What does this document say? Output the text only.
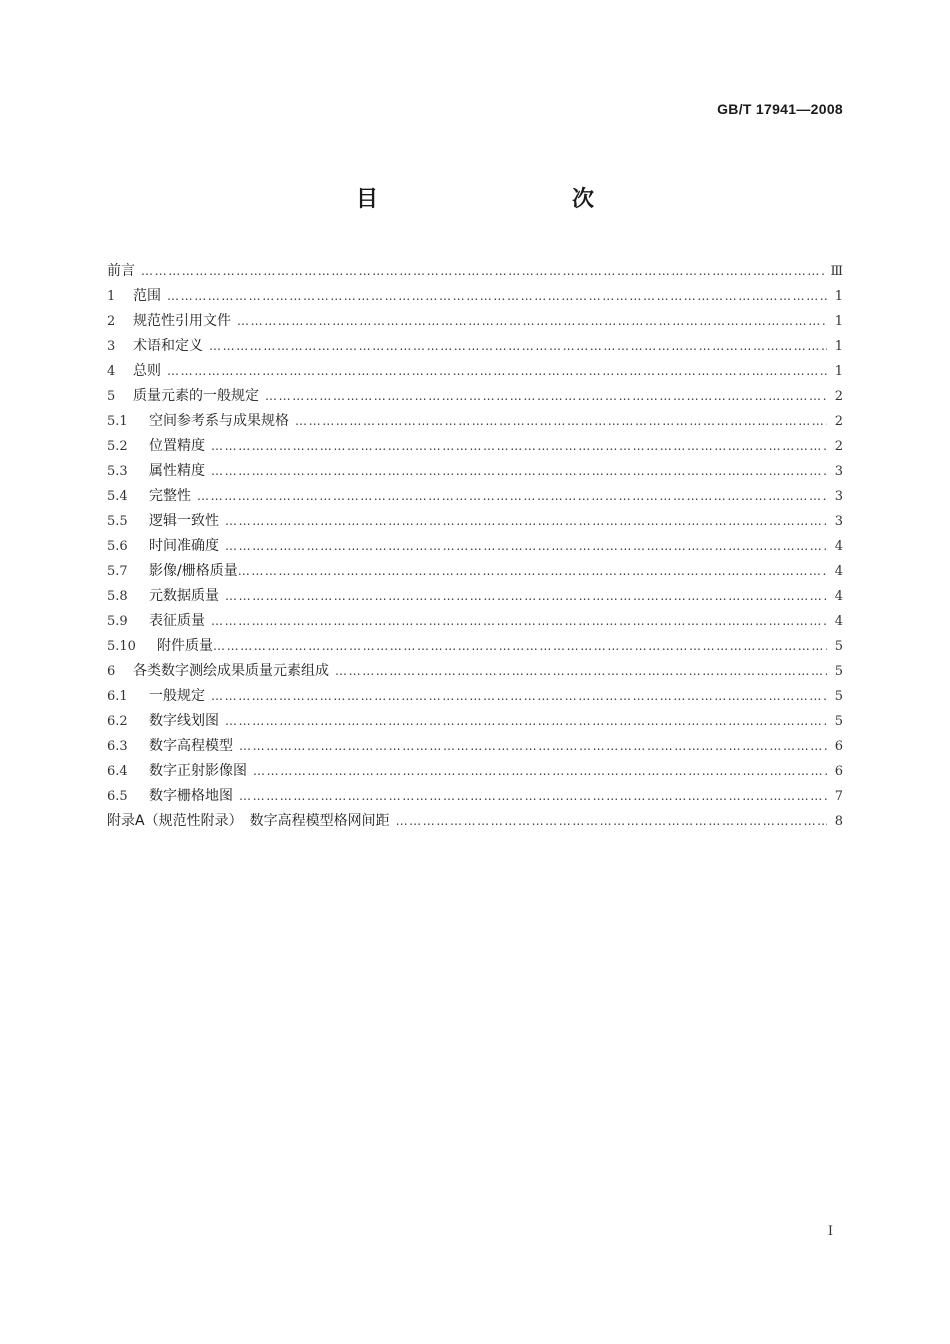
GB/T 17941—2008
目　　次
前言 ……………………………………………………………………………………………………………………………………………………………………………………………………………	Ⅲ
1	范围 ……………………………………………………………………………………………………………………………………………………………………………………………………………	1
2	规范性引用文件 ……………………………………………………………………………………………………………………………………………………………………………………………………………	1
3	术语和定义 ……………………………………………………………………………………………………………………………………………………………………………………………………………	1
4	总则 ……………………………………………………………………………………………………………………………………………………………………………………………………………	1
5	质量元素的一般规定 ……………………………………………………………………………………………………………………………………………………………………………………………………………	2
5.1	空间参考系与成果规格 ……………………………………………………………………………………………………………………………………………………………………………………………………………	2
5.2	位置精度 ……………………………………………………………………………………………………………………………………………………………………………………………………………	2
5.3	属性精度 ……………………………………………………………………………………………………………………………………………………………………………………………………………	3
5.4	完整性 ……………………………………………………………………………………………………………………………………………………………………………………………………………	3
5.5	逻辑一致性 ……………………………………………………………………………………………………………………………………………………………………………………………………………	3
5.6	时间准确度 ……………………………………………………………………………………………………………………………………………………………………………………………………………	4
5.7	影像/栅格质量 ……………………………………………………………………………………………………………………………………………………………………………………………………………	4
5.8	元数据质量 ……………………………………………………………………………………………………………………………………………………………………………………………………………	4
5.9	表征质量 ……………………………………………………………………………………………………………………………………………………………………………………………………………	4
5.10	附件质量 ……………………………………………………………………………………………………………………………………………………………………………………………………………	5
6	各类数字测绘成果质量元素组成 ……………………………………………………………………………………………………………………………………………………………………………………………………………	5
6.1	一般规定 ……………………………………………………………………………………………………………………………………………………………………………………………………………	5
6.2	数字线划图 ……………………………………………………………………………………………………………………………………………………………………………………………………………	5
6.3	数字高程模型 ……………………………………………………………………………………………………………………………………………………………………………………………………………	6
6.4	数字正射影像图 ……………………………………………………………………………………………………………………………………………………………………………………………………………	6
6.5	数字栅格地图 ……………………………………………………………………………………………………………………………………………………………………………………………………………	7
附录A（规范性附录）　数字高程模型格网间距 ……………………………………………………………………………………………………………………………………………………………………………………………………………	8
I
